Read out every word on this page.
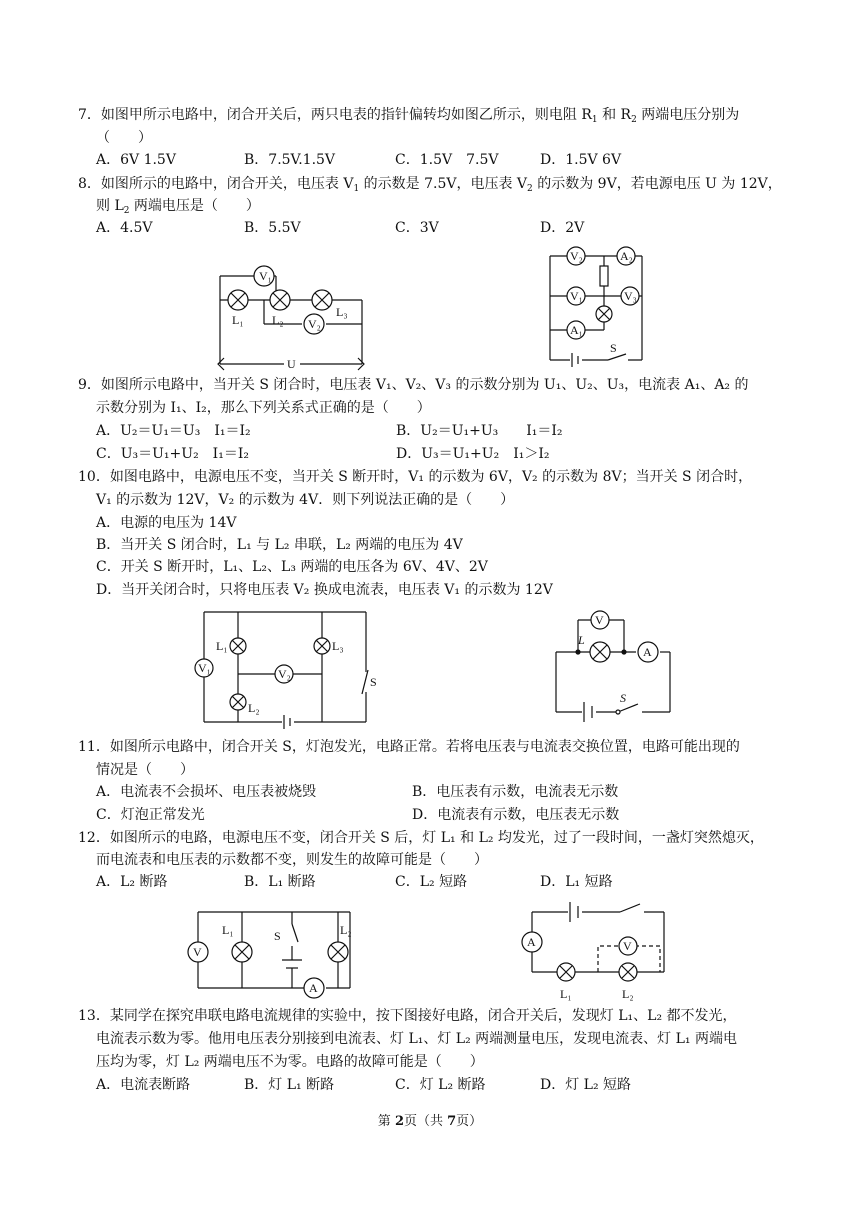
7．如图甲所示电路中，闭合开关后，两只电表的指针偏转均如图乙所示，则电阻 $R_1$ 和 $R_2$ 两端电压分别为
（　　）
A．6V 1.5V	B．7.5V.1.5V	C．1.5V　7.5V	D．1.5V 6V
8．如图所示的电路中，闭合开关，电压表 $V_1$ 的示数是 7.5V，电压表 $V_2$ 的示数为 9V，若电源电压 U 为 12V，
则 $L_2$ 两端电压是（　　）
A．4.5V	B．5.5V	C．3V	D．2V
V₁
L₁ L₂
L₃
V₂
U
V₂	A₂
V₁	V₃
A₁
S
9．如图所示电路中，当开关 S 闭合时，电压表 V₁、V₂、V₃ 的示数分别为 U₁、U₂、U₃，电流表 A₁、A₂ 的
示数分别为 I₁、I₂，那么下列关系式正确的是（　　）
A．U₂＝U₁＝U₃　I₁＝I₂	B．U₂＝U₁+U₃　　I₁＝I₂
C．U₃＝U₁+U₂　I₁＝I₂	D．U₃＝U₁+U₂　I₁＞I₂
10．如图电路中，电源电压不变，当开关 S 断开时，V₁ 的示数为 6V，V₂ 的示数为 8V；当开关 S 闭合时，
V₁ 的示数为 12V，V₂ 的示数为 4V．则下列说法正确的是（　　）
A．电源的电压为 14V
B．当开关 S 闭合时，L₁ 与 L₂ 串联，L₂ 两端的电压为 4V
C．开关 S 断开时，L₁、L₂、L₃ 两端的电压各为 6V、4V、2V
D．当开关闭合时，只将电压表 V₂ 换成电流表，电压表 V₁ 的示数为 12V
L₁	L₃
V₁	V₂
S
L₂
V
L
A
S
11．如图所示电路中，闭合开关 S，灯泡发光，电路正常。若将电压表与电流表交换位置，电路可能出现的
情况是（　　）
A．电流表不会损坏、电压表被烧毁	B．电压表有示数，电流表无示数
C．灯泡正常发光	D．电流表有示数，电压表无示数
12．如图所示的电路，电源电压不变，闭合开关 S 后，灯 L₁ 和 L₂ 均发光，过了一段时间，一盏灯突然熄灭，
而电流表和电压表的示数都不变，则发生的故障可能是（　　）
A．L₂ 断路	B．L₁ 断路	C．L₂ 短路	D．L₁ 短路
V
L₁	S	L₂
A
A	V
L₁	L₂
13．某同学在探究串联电路电流规律的实验中，按下图接好电路，闭合开关后，发现灯 L₁、L₂ 都不发光，
电流表示数为零。他用电压表分别接到电流表、灯 L₁、灯 L₂ 两端测量电压，发现电流表、灯 L₁ 两端电
压均为零，灯 L₂ 两端电压不为零。电路的故障可能是（　　）
A．电流表断路	B．灯 L₁ 断路	C．灯 L₂ 断路	D．灯 L₂ 短路
第 2页（共 7页）
